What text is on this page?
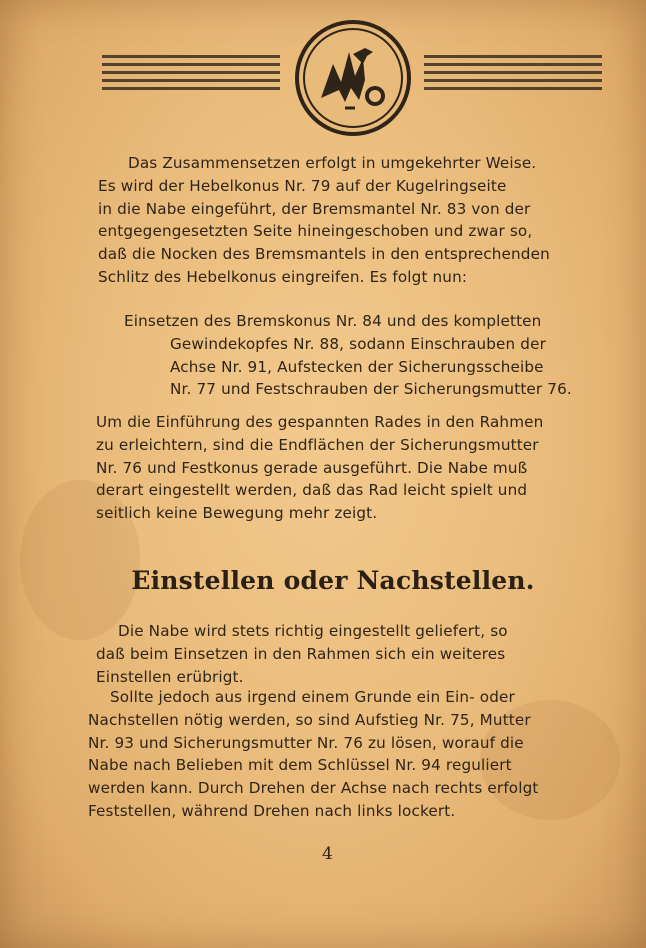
Das Zusammensetzen erfolgt in umgekehrter Weise.
Es wird der Hebelkonus Nr. 79 auf der Kugelringseite
in die Nabe eingeführt, der Bremsmantel Nr. 83 von der
entgegengesetzten Seite hineingeschoben und zwar so,
daß die Nocken des Bremsmantels in den entsprechenden
Schlitz des Hebelkonus eingreifen. Es folgt nun:
Einsetzen des Bremskonus Nr. 84 und des kompletten
Gewindekopfes Nr. 88, sodann Einschrauben der
Achse Nr. 91, Aufstecken der Sicherungsscheibe
Nr. 77 und Festschrauben der Sicherungsmutter 76.
Um die Einführung des gespannten Rades in den Rahmen
zu erleichtern, sind die Endflächen der Sicherungsmutter
Nr. 76 und Festkonus gerade ausgeführt. Die Nabe muß
derart eingestellt werden, daß das Rad leicht spielt und
seitlich keine Bewegung mehr zeigt.
Einstellen oder Nachstellen.
Die Nabe wird stets richtig eingestellt geliefert, so
daß beim Einsetzen in den Rahmen sich ein weiteres
Einstellen erübrigt.
Sollte jedoch aus irgend einem Grunde ein Ein- oder
Nachstellen nötig werden, so sind Aufstieg Nr. 75, Mutter
Nr. 93 und Sicherungsmutter Nr. 76 zu lösen, worauf die
Nabe nach Belieben mit dem Schlüssel Nr. 94 reguliert
werden kann. Durch Drehen der Achse nach rechts erfolgt
Feststellen, während Drehen nach links lockert.
4
